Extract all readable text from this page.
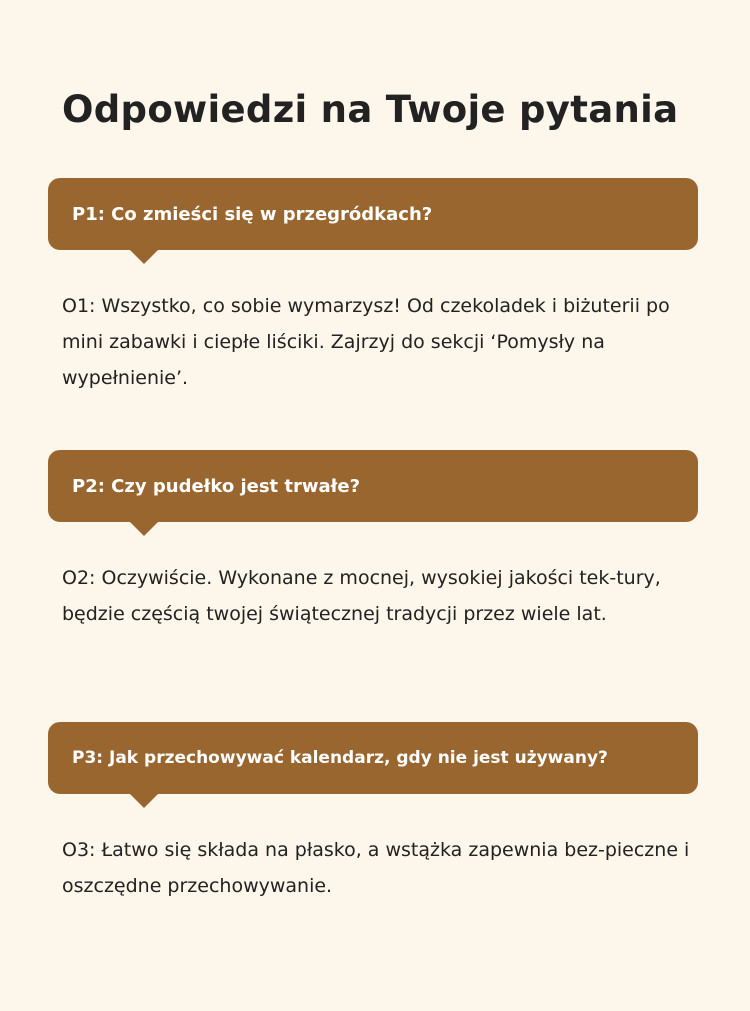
Odpowiedzi na Twoje pytania
P1: Co zmieści się w przegródkach?

O1: Wszystko, co sobie wymarzysz! Od czekoladek i biżuterii po mini zabawki i ciepłe liściki. Zajrzyj do sekcji ‘Pomysły na wypełnienie’.

P2: Czy pudełko jest trwałe?

O2: Oczywiście. Wykonane z mocnej, wysokiej jakości tek-tury, będzie częścią twojej świątecznej tradycji przez wiele lat.

P3: Jak przechowywać kalendarz, gdy nie jest używany?

O3: Łatwo się składa na płasko, a wstążka zapewnia bez-pieczne i oszczędne przechowywanie.
